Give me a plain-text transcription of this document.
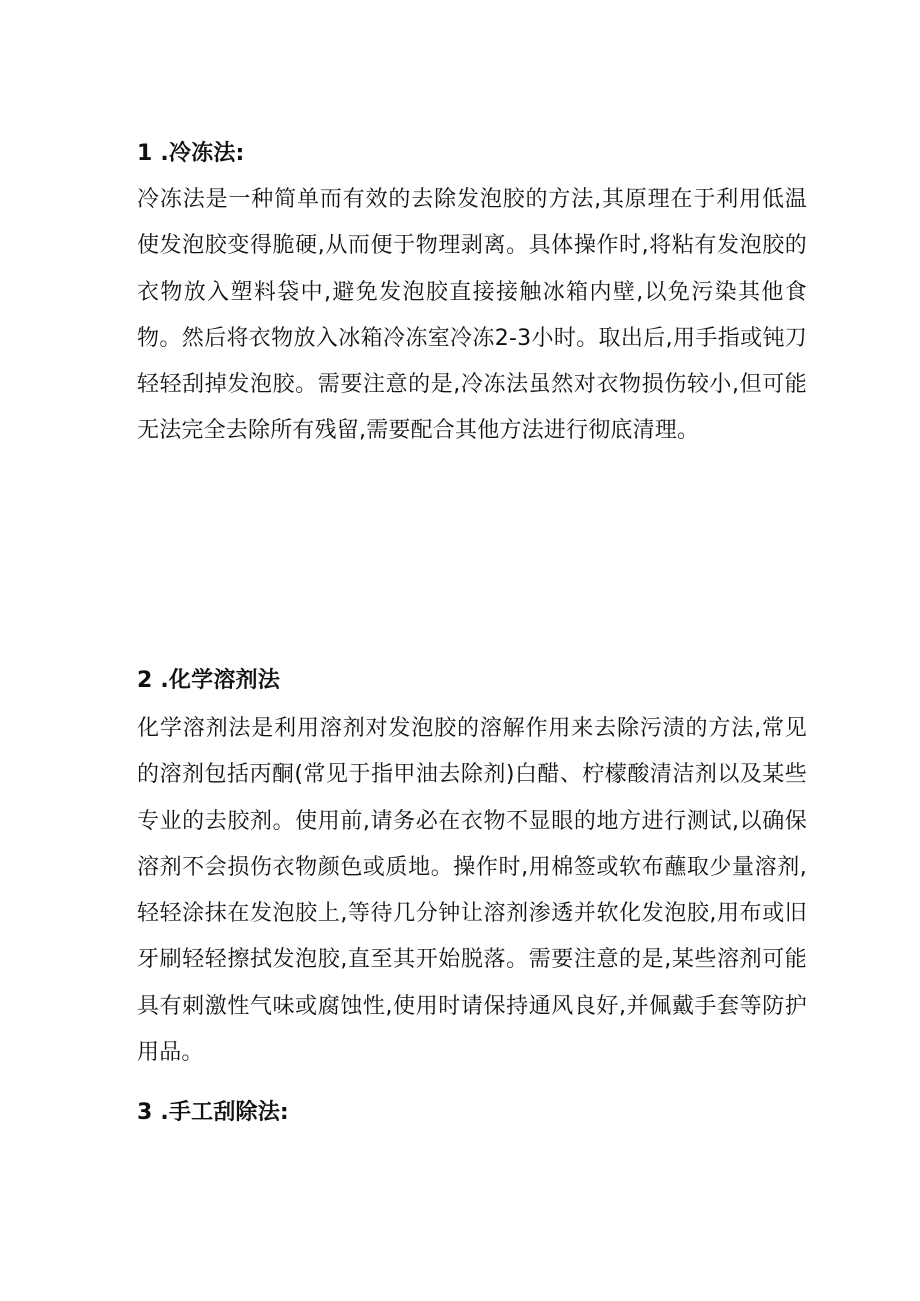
1 .冷冻法:

冷冻法是一种简单而有效的去除发泡胶的方法,其原理在于利用低温使发泡胶变得脆硬,从而便于物理剥离。具体操作时,将粘有发泡胶的衣物放入塑料袋中,避免发泡胶直接接触冰箱内壁,以免污染其他食物。然后将衣物放入冰箱冷冻室冷冻2-3小时。取出后,用手指或钝刀轻轻刮掉发泡胶。需要注意的是,冷冻法虽然对衣物损伤较小,但可能无法完全去除所有残留,需要配合其他方法进行彻底清理。

2 .化学溶剂法

化学溶剂法是利用溶剂对发泡胶的溶解作用来去除污渍的方法,常见的溶剂包括丙酮(常见于指甲油去除剂)白醋、柠檬酸清洁剂以及某些专业的去胶剂。使用前,请务必在衣物不显眼的地方进行测试,以确保溶剂不会损伤衣物颜色或质地。操作时,用棉签或软布蘸取少量溶剂,轻轻涂抹在发泡胶上,等待几分钟让溶剂渗透并软化发泡胶,用布或旧牙刷轻轻擦拭发泡胶,直至其开始脱落。需要注意的是,某些溶剂可能具有刺激性气味或腐蚀性,使用时请保持通风良好,并佩戴手套等防护用品。

3 .手工刮除法:
